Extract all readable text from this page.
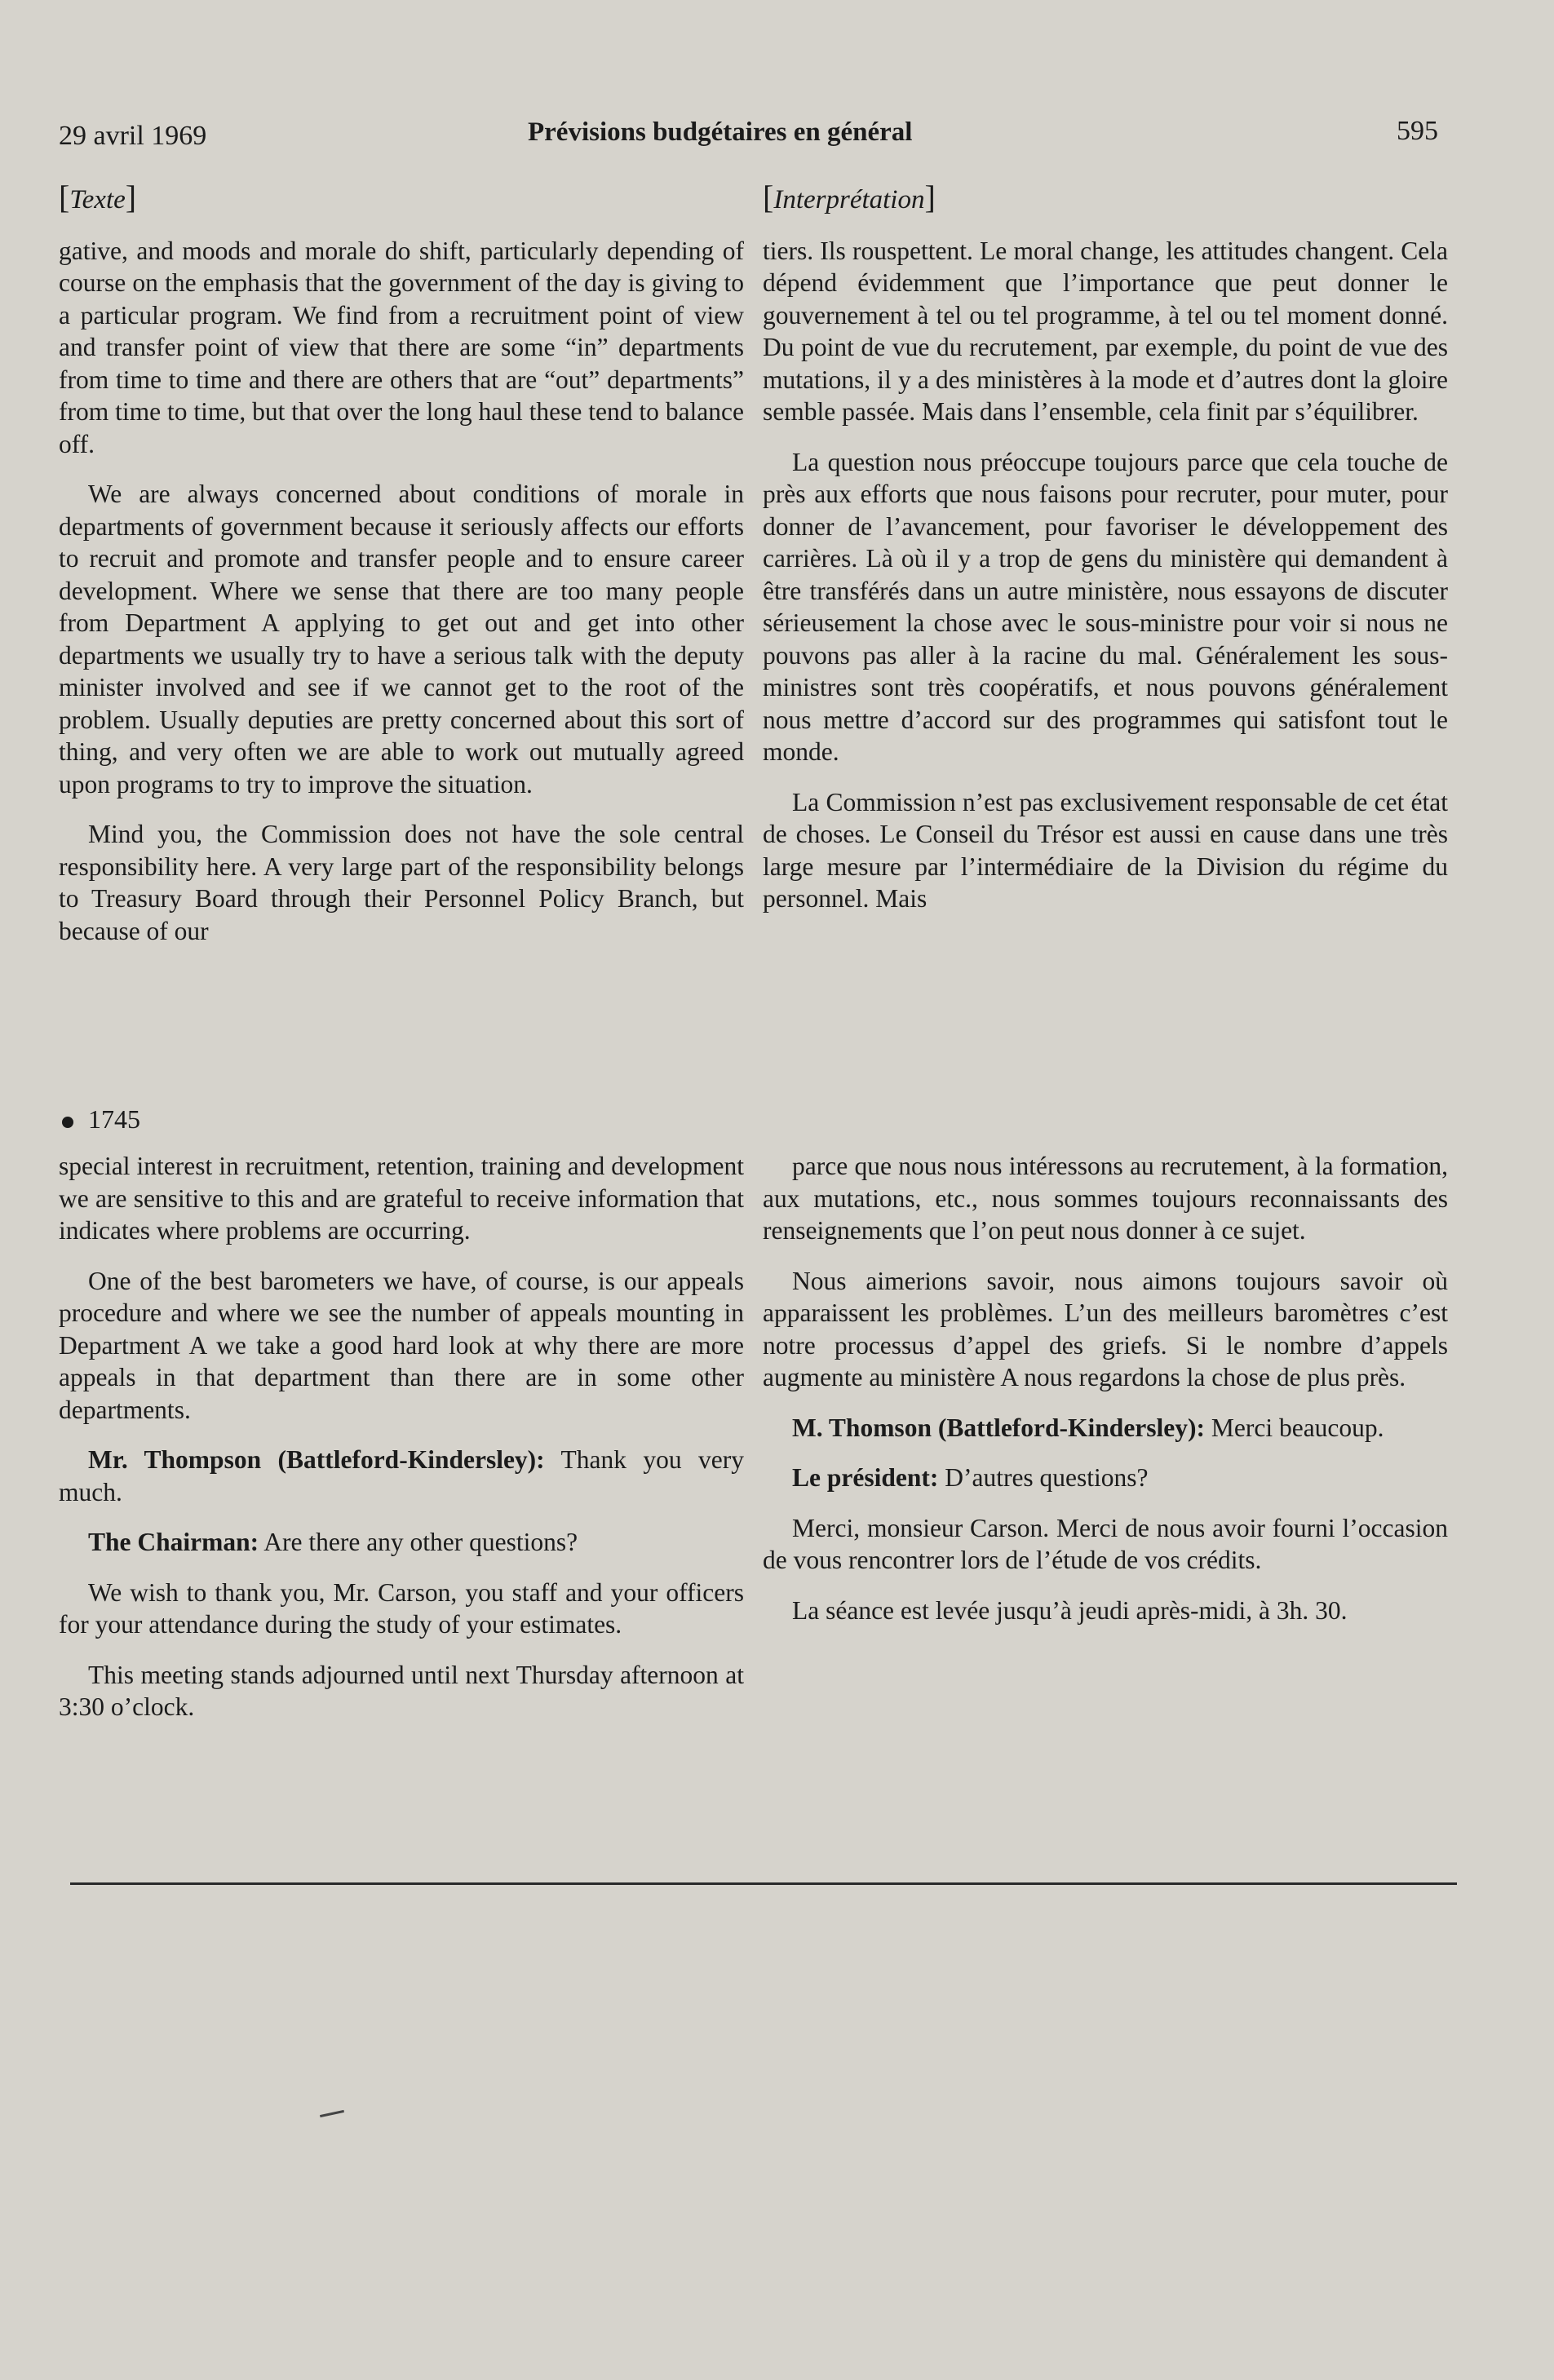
29 avril 1969	Prévisions budgétaires en général	595

[Texte]

gative, and moods and morale do shift, particularly depending of course on the emphasis that the government of the day is giving to a particular program. We find from a recruitment point of view and transfer point of view that there are some “in” departments from time to time and there are others that are “out” departments” from time to time, but that over the long haul these tend to balance off.

We are always concerned about conditions of morale in departments of government because it seriously affects our efforts to recruit and promote and transfer people and to ensure career development. Where we sense that there are too many people from Department A applying to get out and get into other departments we usually try to have a serious talk with the deputy minister involved and see if we cannot get to the root of the problem. Usually deputies are pretty concerned about this sort of thing, and very often we are able to work out mutually agreed upon programs to try to improve the situation.

Mind you, the Commission does not have the sole central responsibility here. A very large part of the responsibility belongs to Treasury Board through their Personnel Policy Branch, but because of our

[Interprétation]

tiers. Ils rouspettent. Le moral change, les attitudes changent. Cela dépend évidemment que l’importance que peut donner le gouvernement à tel ou tel programme, à tel ou tel moment donné. Du point de vue du recrutement, par exemple, du point de vue des mutations, il y a des ministères à la mode et d’autres dont la gloire semble passée. Mais dans l’ensemble, cela finit par s’équilibrer.

La question nous préoccupe toujours parce que cela touche de près aux efforts que nous faisons pour recruter, pour muter, pour donner de l’avancement, pour favoriser le développement des carrières. Là où il y a trop de gens du ministère qui demandent à être transférés dans un autre ministère, nous essayons de discuter sérieusement la chose avec le sous-ministre pour voir si nous ne pouvons pas aller à la racine du mal. Généralement les sous-ministres sont très coopératifs, et nous pouvons généralement nous mettre d’accord sur des programmes qui satisfont tout le monde.

La Commission n’est pas exclusivement responsable de cet état de choses. Le Conseil du Trésor est aussi en cause dans une très large mesure par l’intermédiaire de la Division du régime du personnel. Mais

1745

special interest in recruitment, retention, training and development we are sensitive to this and are grateful to receive information that indicates where problems are occurring.

One of the best barometers we have, of course, is our appeals procedure and where we see the number of appeals mounting in Department A we take a good hard look at why there are more appeals in that department than there are in some other departments.

Mr. Thompson (Battleford-Kindersley): Thank you very much.

The Chairman: Are there any other questions?

We wish to thank you, Mr. Carson, you staff and your officers for your attendance during the study of your estimates.

This meeting stands adjourned until next Thursday afternoon at 3:30 o’clock.

parce que nous nous intéressons au recrutement, à la formation, aux mutations, etc., nous sommes toujours reconnaissants des renseignements que l’on peut nous donner à ce sujet.

Nous aimerions savoir, nous aimons toujours savoir où apparaissent les problèmes. L’un des meilleurs baromètres c’est notre processus d’appel des griefs. Si le nombre d’appels augmente au ministère A nous regardons la chose de plus près.

M. Thomson (Battleford-Kindersley): Merci beaucoup.

Le président: D’autres questions?

Merci, monsieur Carson. Merci de nous avoir fourni l’occasion de vous rencontrer lors de l’étude de vos crédits.

La séance est levée jusqu’à jeudi après-midi, à 3h. 30.
